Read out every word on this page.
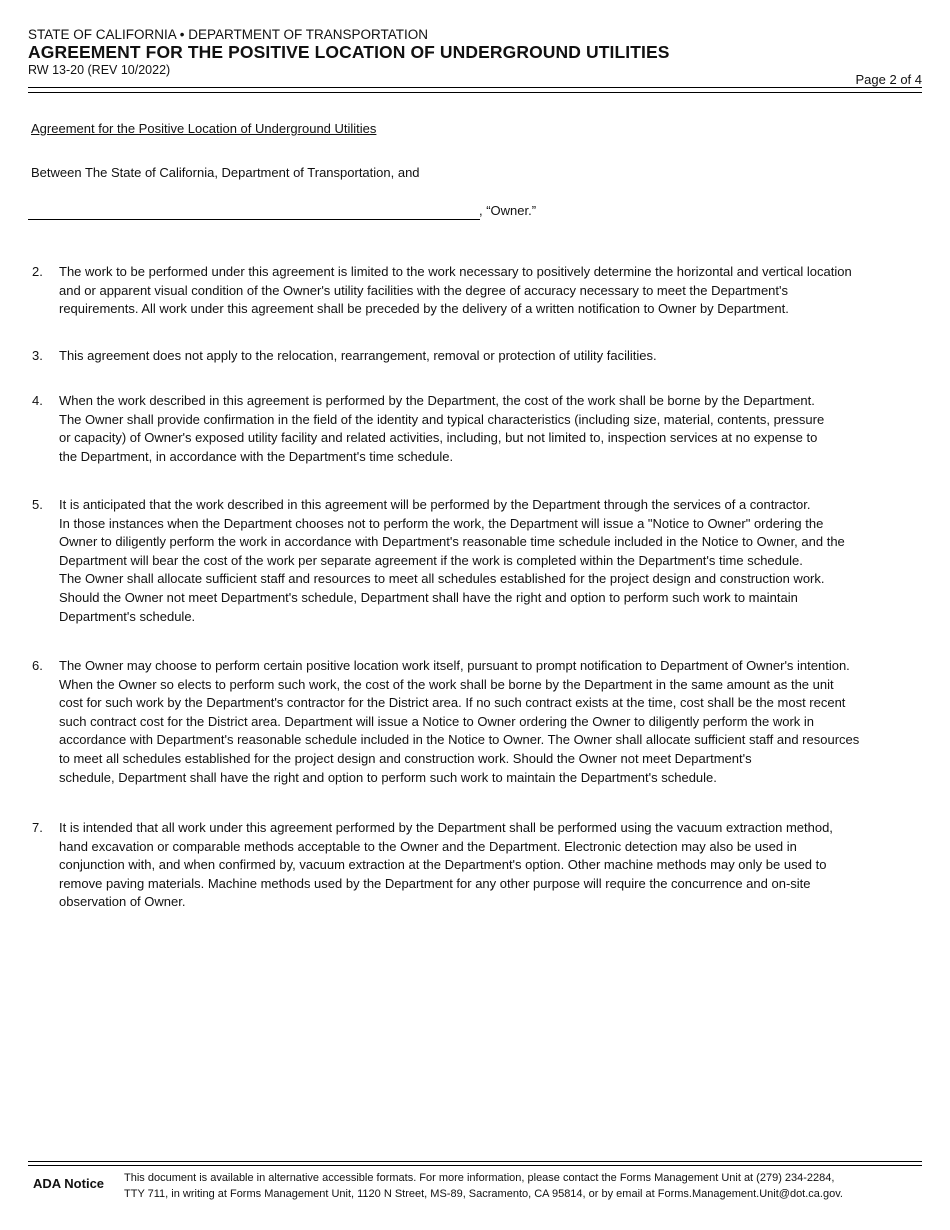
STATE OF CALIFORNIA • DEPARTMENT OF TRANSPORTATION
AGREEMENT FOR THE POSITIVE LOCATION OF UNDERGROUND UTILITIES
RW 13-20 (REV 10/2022)
Page 2 of 4
Agreement for the Positive Location of Underground Utilities
Between The State of California, Department of Transportation, and
, “Owner.”
2. The work to be performed under this agreement is limited to the work necessary to positively determine the horizontal and vertical location
and or apparent visual condition of the Owner's utility facilities with the degree of accuracy necessary to meet the Department's
requirements. All work under this agreement shall be preceded by the delivery of a written notification to Owner by Department.
3. This agreement does not apply to the relocation, rearrangement, removal or protection of utility facilities.
4. When the work described in this agreement is performed by the Department, the cost of the work shall be borne by the Department.
The Owner shall provide confirmation in the field of the identity and typical characteristics (including size, material, contents, pressure
or capacity) of Owner's exposed utility facility and related activities, including, but not limited to, inspection services at no expense to
the Department, in accordance with the Department's time schedule.
5. It is anticipated that the work described in this agreement will be performed by the Department through the services of a contractor.
In those instances when the Department chooses not to perform the work, the Department will issue a "Notice to Owner" ordering the
Owner to diligently perform the work in accordance with Department's reasonable time schedule included in the Notice to Owner, and the
Department will bear the cost of the work per separate agreement if the work is completed within the Department's time schedule.
The Owner shall allocate sufficient staff and resources to meet all schedules established for the project design and construction work.
Should the Owner not meet Department's schedule, Department shall have the right and option to perform such work to maintain
Department's schedule.
6. The Owner may choose to perform certain positive location work itself, pursuant to prompt notification to Department of Owner's intention.
When the Owner so elects to perform such work, the cost of the work shall be borne by the Department in the same amount as the unit
cost for such work by the Department's contractor for the District area. If no such contract exists at the time, cost shall be the most recent
such contract cost for the District area. Department will issue a Notice to Owner ordering the Owner to diligently perform the work in
accordance with Department's reasonable schedule included in the Notice to Owner. The Owner shall allocate sufficient staff and resources
to meet all schedules established for the project design and construction work. Should the Owner not meet Department's
schedule, Department shall have the right and option to perform such work to maintain the Department's schedule.
7. It is intended that all work under this agreement performed by the Department shall be performed using the vacuum extraction method,
hand excavation or comparable methods acceptable to the Owner and the Department. Electronic detection may also be used in
conjunction with, and when confirmed by, vacuum extraction at the Department's option. Other machine methods may only be used to
remove paving materials. Machine methods used by the Department for any other purpose will require the concurrence and on-site
observation of Owner.
ADA Notice This document is available in alternative accessible formats. For more information, please contact the Forms Management Unit at (279) 234-2284,
TTY 711, in writing at Forms Management Unit, 1120 N Street, MS-89, Sacramento, CA 95814, or by email at Forms.Management.Unit@dot.ca.gov.
